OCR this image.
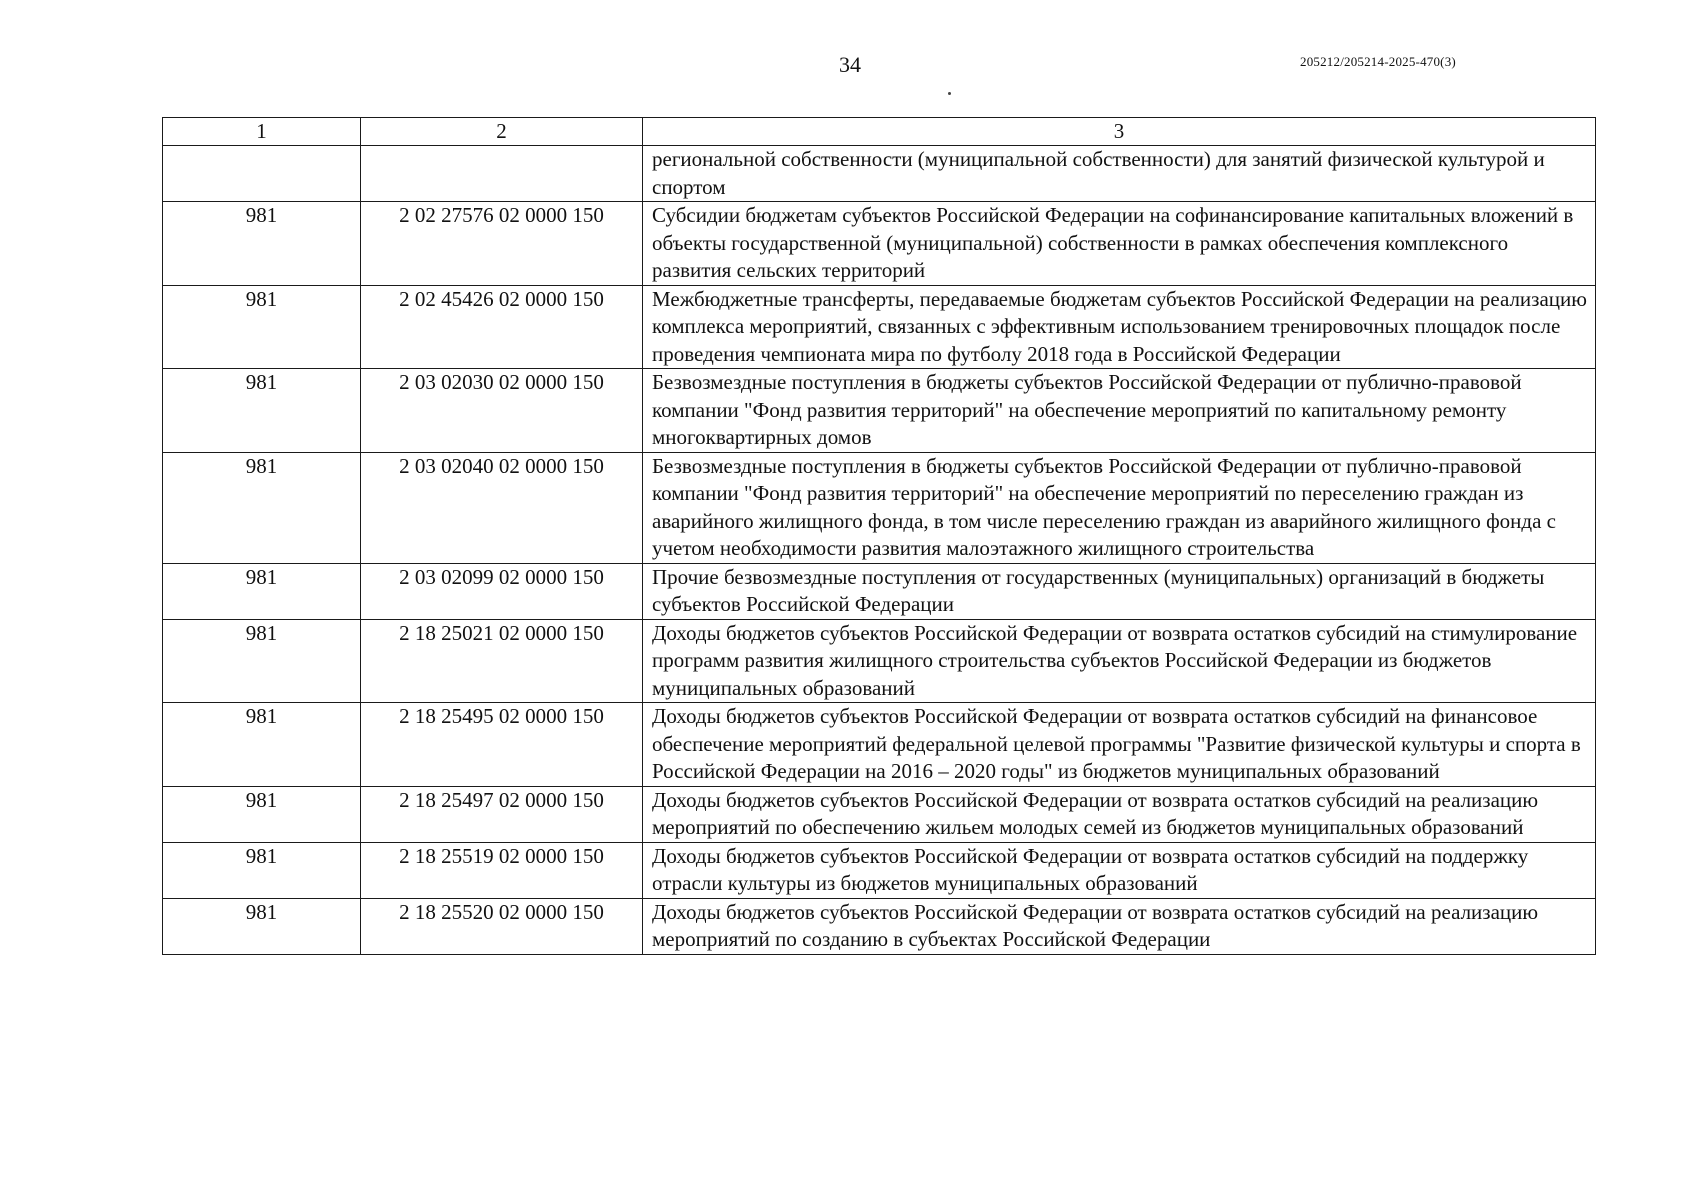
34	205212/205214-2025-470(3)
1	2	3
		региональной собственности (муниципальной собственности) для занятий физической культурой и спортом
981	2 02 27576 02 0000 150	Субсидии бюджетам субъектов Российской Федерации на софинансирование капитальных вложений в объекты государственной (муниципальной) собственности в рамках обеспечения комплексного развития сельских территорий
981	2 02 45426 02 0000 150	Межбюджетные трансферты, передаваемые бюджетам субъектов Российской Федерации на реализацию комплекса мероприятий, связанных с эффективным использованием тренировочных площадок после проведения чемпионата мира по футболу 2018 года в Российской Федерации
981	2 03 02030 02 0000 150	Безвозмездные поступления в бюджеты субъектов Российской Федерации от публично-правовой компании "Фонд развития территорий" на обеспечение мероприятий по капитальному ремонту многоквартирных домов
981	2 03 02040 02 0000 150	Безвозмездные поступления в бюджеты субъектов Российской Федерации от публично-правовой компании "Фонд развития территорий" на обеспечение мероприятий по переселению граждан из аварийного жилищного фонда, в том числе переселению граждан из аварийного жилищного фонда с учетом необходимости развития малоэтажного жилищного строительства
981	2 03 02099 02 0000 150	Прочие безвозмездные поступления от государственных (муниципальных) организаций в бюджеты субъектов Российской Федерации
981	2 18 25021 02 0000 150	Доходы бюджетов субъектов Российской Федерации от возврата остатков субсидий на стимулирование программ развития жилищного строительства субъектов Российской Федерации из бюджетов муниципальных образований
981	2 18 25495 02 0000 150	Доходы бюджетов субъектов Российской Федерации от возврата остатков субсидий на финансовое обеспечение мероприятий федеральной целевой программы "Развитие физической культуры и спорта в Российской Федерации на 2016 – 2020 годы" из бюджетов муниципальных образований
981	2 18 25497 02 0000 150	Доходы бюджетов субъектов Российской Федерации от возврата остатков субсидий на реализацию мероприятий по обеспечению жильем молодых семей из бюджетов муниципальных образований
981	2 18 25519 02 0000 150	Доходы бюджетов субъектов Российской Федерации от возврата остатков субсидий на поддержку отрасли культуры из бюджетов муниципальных образований
981	2 18 25520 02 0000 150	Доходы бюджетов субъектов Российской Федерации от возврата остатков субсидий на реализацию мероприятий по созданию в субъектах Российской Федерации
